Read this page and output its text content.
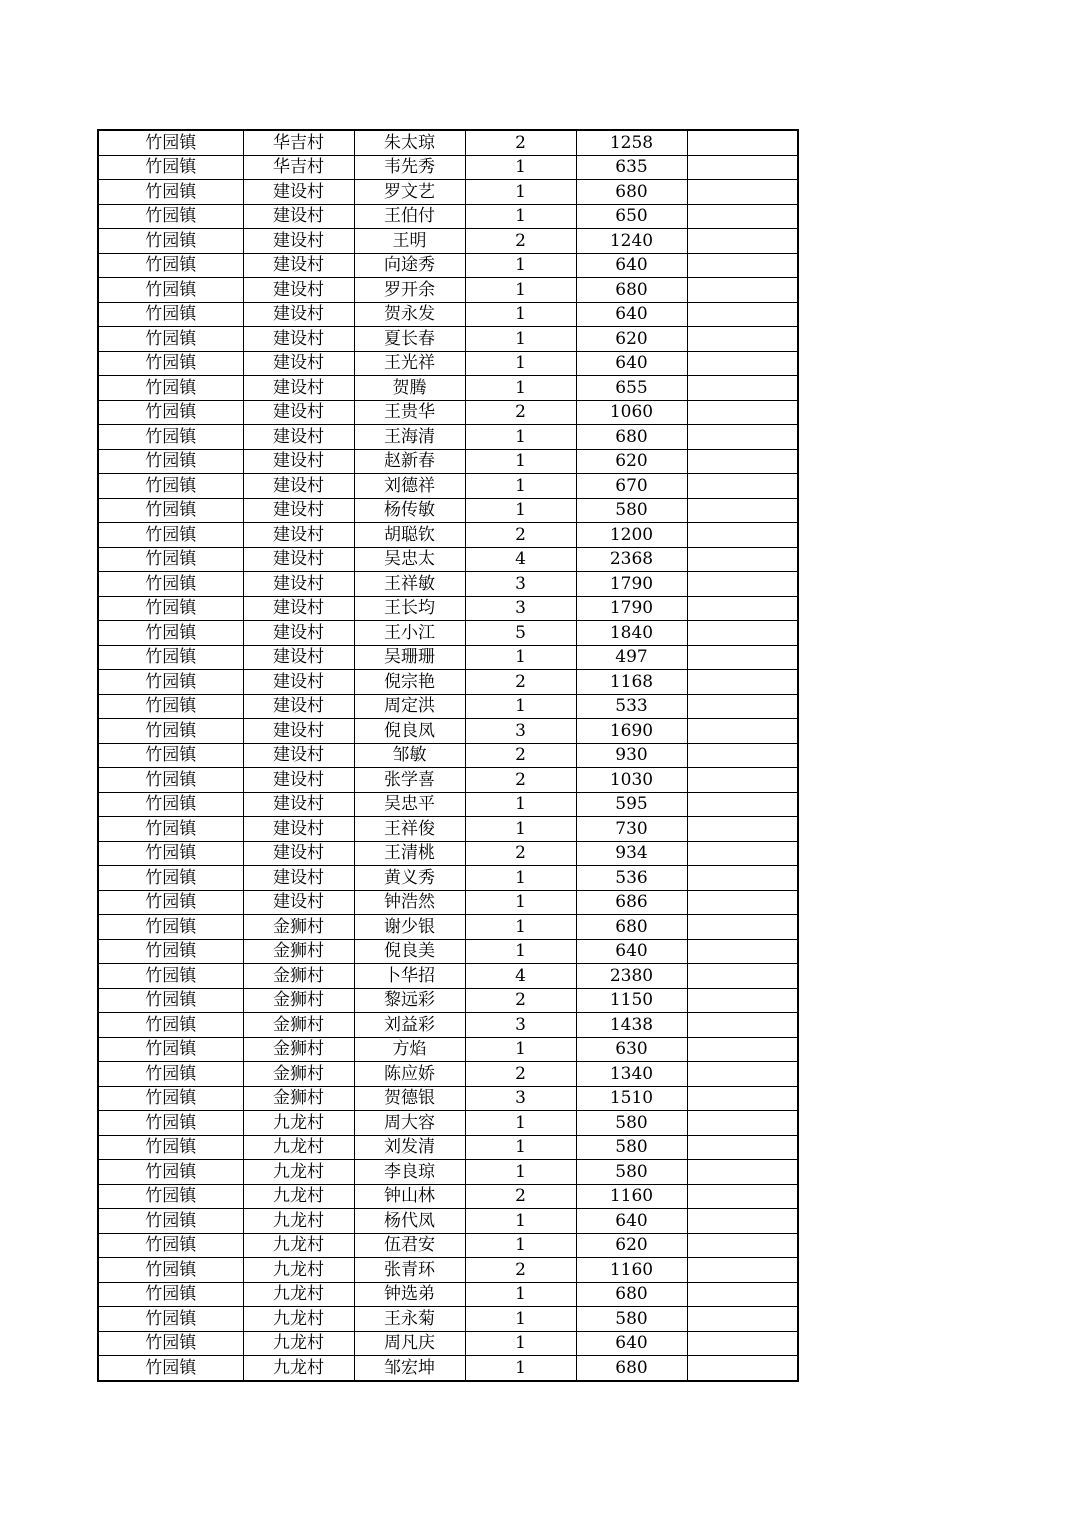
竹园镇	华吉村	朱太琼	2	1258	
竹园镇	华吉村	韦先秀	1	635	
竹园镇	建设村	罗文艺	1	680	
竹园镇	建设村	王伯付	1	650	
竹园镇	建设村	王明	2	1240	
竹园镇	建设村	向途秀	1	640	
竹园镇	建设村	罗开余	1	680	
竹园镇	建设村	贺永发	1	640	
竹园镇	建设村	夏长春	1	620	
竹园镇	建设村	王光祥	1	640	
竹园镇	建设村	贺腾	1	655	
竹园镇	建设村	王贵华	2	1060	
竹园镇	建设村	王海清	1	680	
竹园镇	建设村	赵新春	1	620	
竹园镇	建设村	刘德祥	1	670	
竹园镇	建设村	杨传敏	1	580	
竹园镇	建设村	胡聪钦	2	1200	
竹园镇	建设村	吴忠太	4	2368	
竹园镇	建设村	王祥敏	3	1790	
竹园镇	建设村	王长均	3	1790	
竹园镇	建设村	王小江	5	1840	
竹园镇	建设村	吴珊珊	1	497	
竹园镇	建设村	倪宗艳	2	1168	
竹园镇	建设村	周定洪	1	533	
竹园镇	建设村	倪良凤	3	1690	
竹园镇	建设村	邹敏	2	930	
竹园镇	建设村	张学喜	2	1030	
竹园镇	建设村	吴忠平	1	595	
竹园镇	建设村	王祥俊	1	730	
竹园镇	建设村	王清桃	2	934	
竹园镇	建设村	黄义秀	1	536	
竹园镇	建设村	钟浩然	1	686	
竹园镇	金狮村	谢少银	1	680	
竹园镇	金狮村	倪良美	1	640	
竹园镇	金狮村	卜华招	4	2380	
竹园镇	金狮村	黎远彩	2	1150	
竹园镇	金狮村	刘益彩	3	1438	
竹园镇	金狮村	方焰	1	630	
竹园镇	金狮村	陈应娇	2	1340	
竹园镇	金狮村	贺德银	3	1510	
竹园镇	九龙村	周大容	1	580	
竹园镇	九龙村	刘发清	1	580	
竹园镇	九龙村	李良琼	1	580	
竹园镇	九龙村	钟山林	2	1160	
竹园镇	九龙村	杨代凤	1	640	
竹园镇	九龙村	伍君安	1	620	
竹园镇	九龙村	张青环	2	1160	
竹园镇	九龙村	钟选弟	1	680	
竹园镇	九龙村	王永菊	1	580	
竹园镇	九龙村	周凡庆	1	640	
竹园镇	九龙村	邹宏坤	1	680	
